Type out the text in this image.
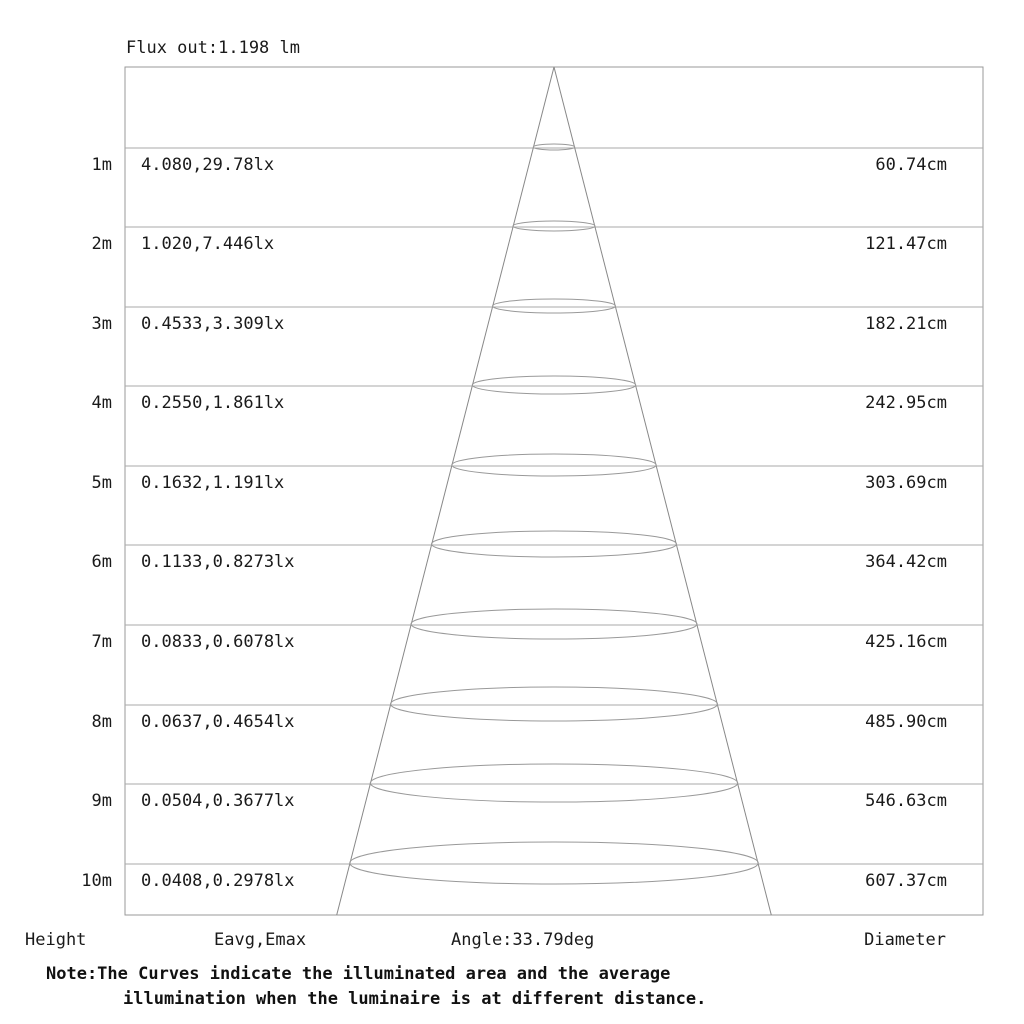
Flux out:1.198 lm
1m 4.080,29.78lx	60.74cm
2m 1.020,7.446lx	121.47cm
3m 0.4533,3.309lx	182.21cm
4m 0.2550,1.861lx	242.95cm
5m 0.1632,1.191lx	303.69cm
6m 0.1133,0.8273lx	364.42cm
7m 0.0833,0.6078lx	425.16cm
8m 0.0637,0.4654lx	485.90cm
9m 0.0504,0.3677lx	546.63cm
10m 0.0408,0.2978lx	607.37cm
Height	Eavg,Emax	Angle:33.79deg	Diameter
Note:The Curves indicate the illuminated area and the average
illumination when the luminaire is at different distance.
